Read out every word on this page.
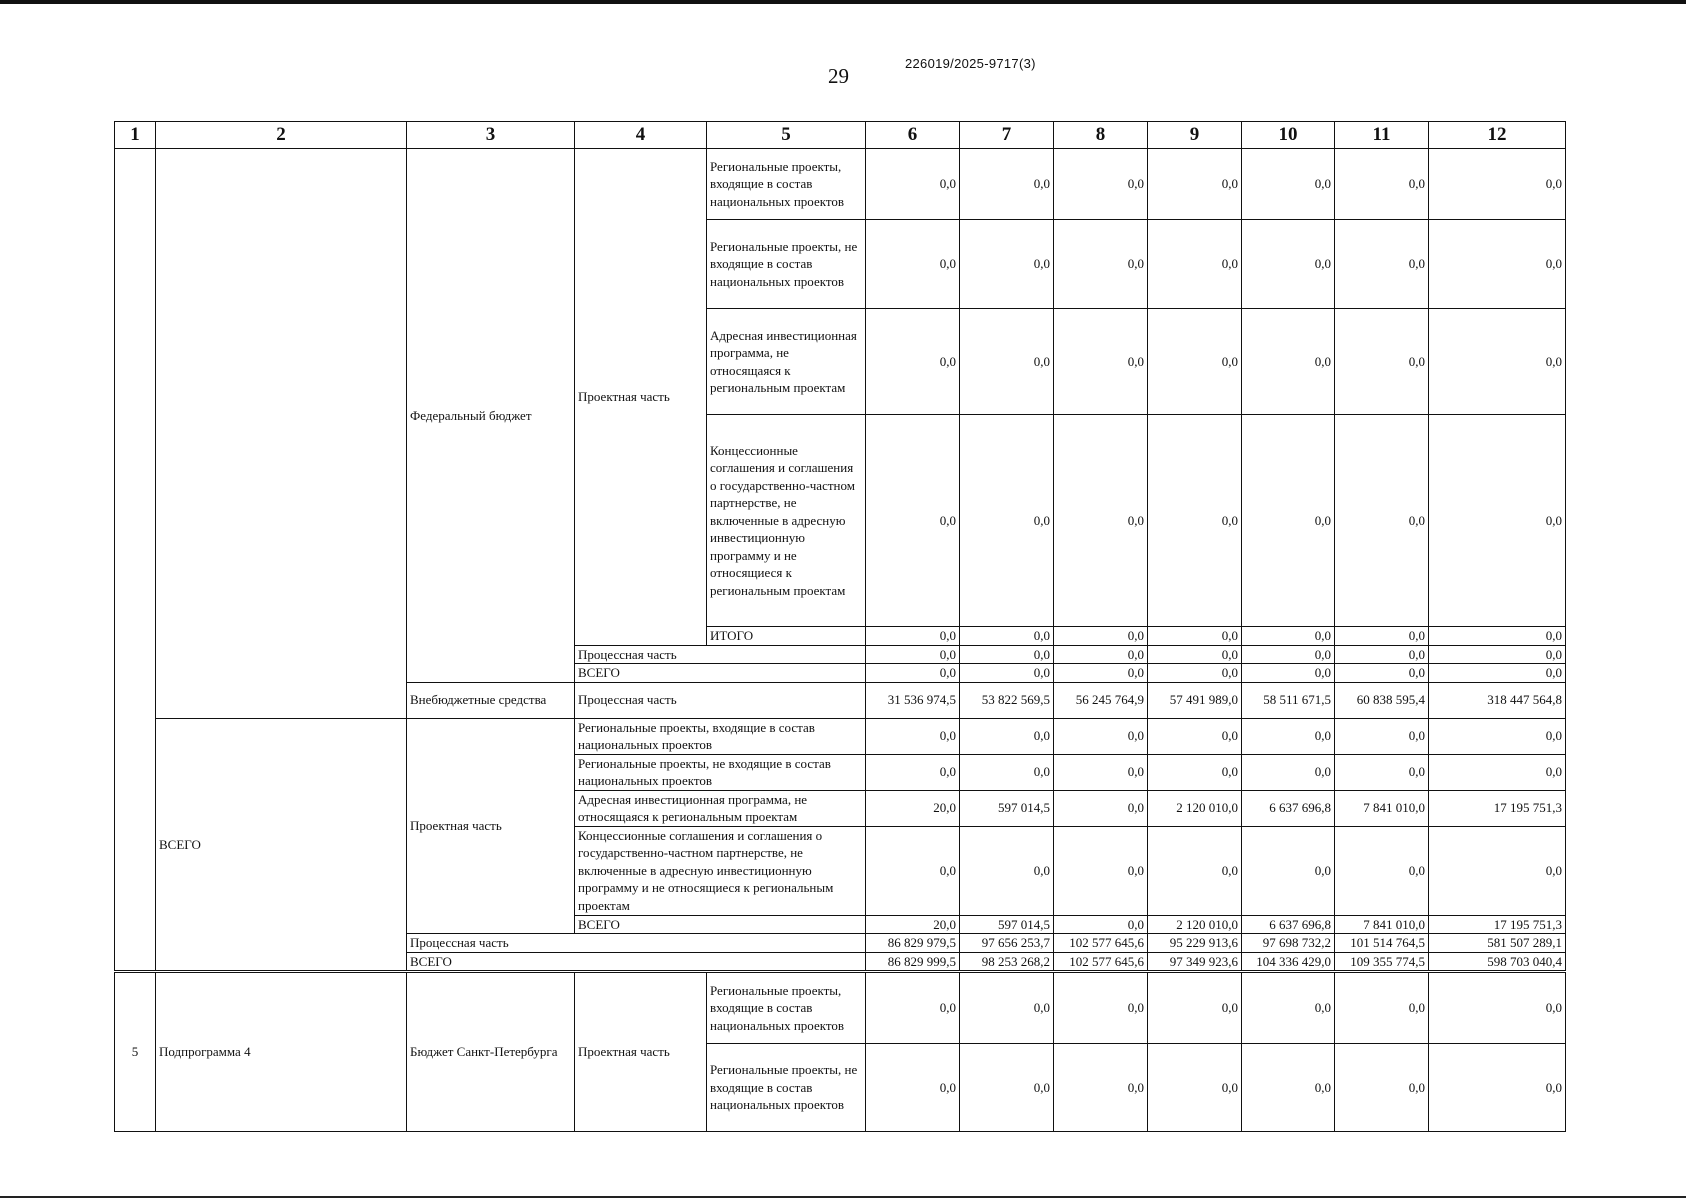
29
226019/2025-9717(3)
1	2	3	4	5	6	7	8	9	10	11	12
		Федеральный бюджет	Проектная часть	Региональные проекты, входящие в состав национальных проектов	0,0	0,0	0,0	0,0	0,0	0,0	0,0
				Региональные проекты, не входящие в состав национальных проектов	0,0	0,0	0,0	0,0	0,0	0,0	0,0
				Адресная инвестиционная программа, не относящаяся к региональным проектам	0,0	0,0	0,0	0,0	0,0	0,0	0,0
				Концессионные соглашения и соглашения о государственно-частном партнерстве, не включенные в адресную инвестиционную программу и не относящиеся к региональным проектам	0,0	0,0	0,0	0,0	0,0	0,0	0,0
				ИТОГО	0,0	0,0	0,0	0,0	0,0	0,0	0,0
			Процессная часть		0,0	0,0	0,0	0,0	0,0	0,0	0,0
			ВСЕГО		0,0	0,0	0,0	0,0	0,0	0,0	0,0
		Внебюджетные средства	Процессная часть		31 536 974,5	53 822 569,5	56 245 764,9	57 491 989,0	58 511 671,5	60 838 595,4	318 447 564,8
	ВСЕГО	Проектная часть	Региональные проекты, входящие в состав национальных проектов		0,0	0,0	0,0	0,0	0,0	0,0	0,0
			Региональные проекты, не входящие в состав национальных проектов		0,0	0,0	0,0	0,0	0,0	0,0	0,0
			Адресная инвестиционная программа, не относящаяся к региональным проектам		20,0	597 014,5	0,0	2 120 010,0	6 637 696,8	7 841 010,0	17 195 751,3
			Концессионные соглашения и соглашения о государственно-частном партнерстве, не включенные в адресную инвестиционную программу и не относящиеся к региональным проектам		0,0	0,0	0,0	0,0	0,0	0,0	0,0
			ВСЕГО		20,0	597 014,5	0,0	2 120 010,0	6 637 696,8	7 841 010,0	17 195 751,3
		Процессная часть			86 829 979,5	97 656 253,7	102 577 645,6	95 229 913,6	97 698 732,2	101 514 764,5	581 507 289,1
		ВСЕГО			86 829 999,5	98 253 268,2	102 577 645,6	97 349 923,6	104 336 429,0	109 355 774,5	598 703 040,4
5	Подпрограмма 4	Бюджет Санкт-Петербурга	Проектная часть	Региональные проекты, входящие в состав национальных проектов	0,0	0,0	0,0	0,0	0,0	0,0	0,0
				Региональные проекты, не входящие в состав национальных проектов	0,0	0,0	0,0	0,0	0,0	0,0	0,0
